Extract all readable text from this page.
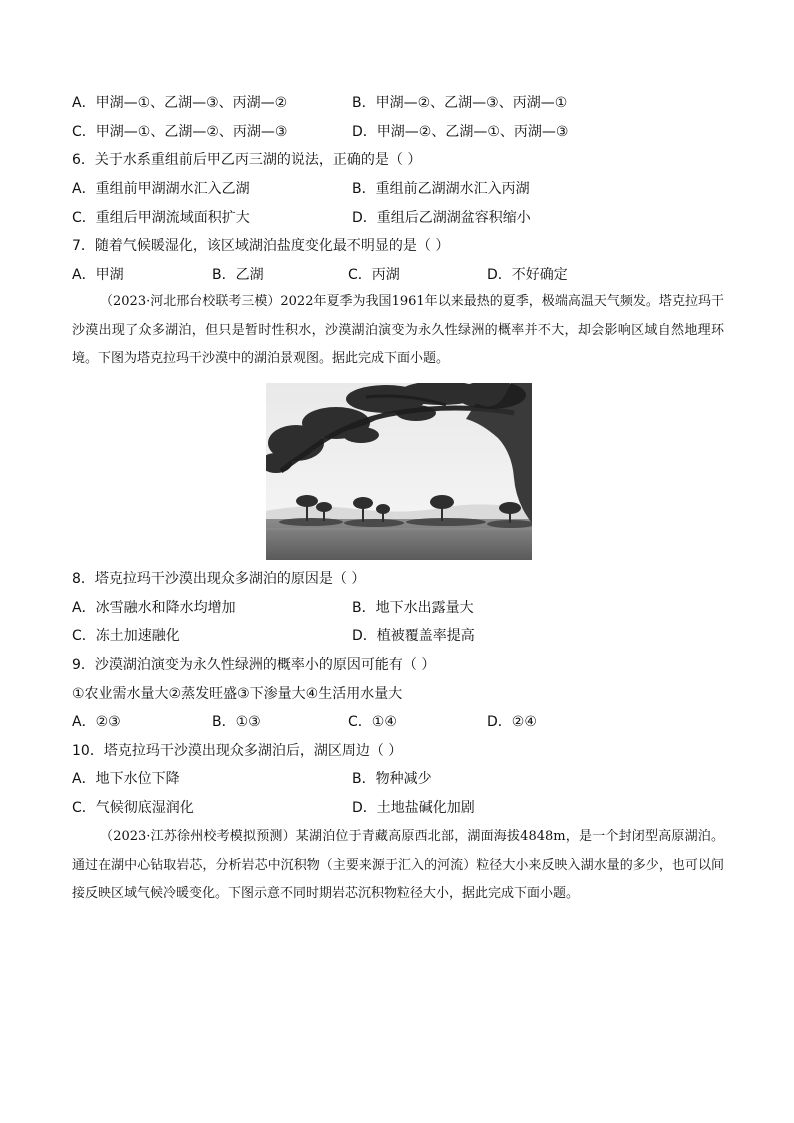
A．甲湖—①、乙湖—③、丙湖—②	B．甲湖—②、乙湖—③、丙湖—①
C．甲湖—①、乙湖—②、丙湖—③	D．甲湖—②、乙湖—①、丙湖—③
6．关于水系重组前后甲乙丙三湖的说法，正确的是（ ）
A．重组前甲湖湖水汇入乙湖	B．重组前乙湖湖水汇入丙湖
C．重组后甲湖流域面积扩大	D．重组后乙湖湖盆容积缩小
7．随着气候暖湿化，该区域湖泊盐度变化最不明显的是（ ）
A．甲湖	B．乙湖	C．丙湖	D．不好确定
（2023·河北邢台校联考三模）2022年夏季为我国1961年以来最热的夏季，极端高温天气频发。塔克拉玛干沙漠出现了众多湖泊，但只是暂时性积水，沙漠湖泊演变为永久性绿洲的概率并不大，却会影响区域自然地理环境。下图为塔克拉玛干沙漠中的湖泊景观图。据此完成下面小题。
8．塔克拉玛干沙漠出现众多湖泊的原因是（ ）
A．冰雪融水和降水均增加	B．地下水出露量大
C．冻土加速融化	D．植被覆盖率提高
9．沙漠湖泊演变为永久性绿洲的概率小的原因可能有（ ）
①农业需水量大②蒸发旺盛③下渗量大④生活用水量大
A．②③	B．①③	C．①④	D．②④
10．塔克拉玛干沙漠出现众多湖泊后，湖区周边（ ）
A．地下水位下降	B．物种减少
C．气候彻底湿润化	D．土地盐碱化加剧
（2023·江苏徐州校考模拟预测）某湖泊位于青藏高原西北部，湖面海拔4848m，是一个封闭型高原湖泊。通过在湖中心钻取岩芯，分析岩芯中沉积物（主要来源于汇入的河流）粒径大小来反映入湖水量的多少，也可以间接反映区域气候冷暖变化。下图示意不同时期岩芯沉积物粒径大小，据此完成下面小题。
